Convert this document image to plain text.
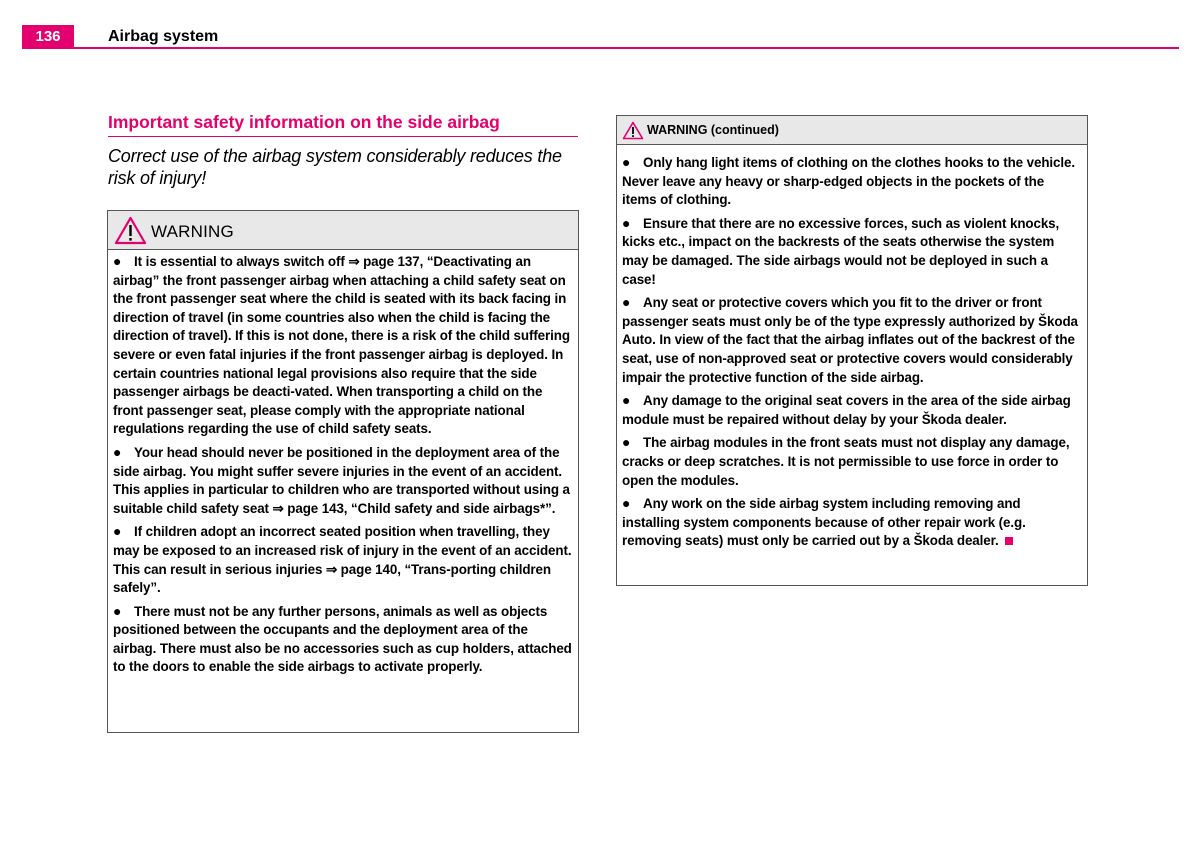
136	Airbag system
Important safety information on the side airbag
Correct use of the airbag system considerably reduces the risk of injury!
WARNING
● It is essential to always switch off ⇒ page 137, “Deactivating an airbag” the front passenger airbag when attaching a child safety seat on the front passenger seat where the child is seated with its back facing in direction of travel (in some countries also when the child is facing the direction of travel). If this is not done, there is a risk of the child suffering severe or even fatal injuries if the front passenger airbag is deployed. In certain countries national legal provisions also require that the side passenger airbags be deacti-vated. When transporting a child on the front passenger seat, please comply with the appropriate national regulations regarding the use of child safety seats.
● Your head should never be positioned in the deployment area of the side airbag. You might suffer severe injuries in the event of an accident. This applies in particular to children who are transported without using a suitable child safety seat ⇒ page 143, “Child safety and side airbags*”.
● If children adopt an incorrect seated position when travelling, they may be exposed to an increased risk of injury in the event of an accident. This can result in serious injuries ⇒ page 140, “Trans-porting children safely”.
● There must not be any further persons, animals as well as objects positioned between the occupants and the deployment area of the airbag. There must also be no accessories such as cup holders, attached to the doors to enable the side airbags to activate properly.
WARNING (continued)
● Only hang light items of clothing on the clothes hooks to the vehicle. Never leave any heavy or sharp-edged objects in the pockets of the items of clothing.
● Ensure that there are no excessive forces, such as violent knocks, kicks etc., impact on the backrests of the seats otherwise the system may be damaged. The side airbags would not be deployed in such a case!
● Any seat or protective covers which you fit to the driver or front passenger seats must only be of the type expressly authorized by Škoda Auto. In view of the fact that the airbag inflates out of the backrest of the seat, use of non-approved seat or protective covers would considerably impair the protective function of the side airbag.
● Any damage to the original seat covers in the area of the side airbag module must be repaired without delay by your Škoda dealer.
● The airbag modules in the front seats must not display any damage, cracks or deep scratches. It is not permissible to use force in order to open the modules.
● Any work on the side airbag system including removing and installing system components because of other repair work (e.g. removing seats) must only be carried out by a Škoda dealer.
